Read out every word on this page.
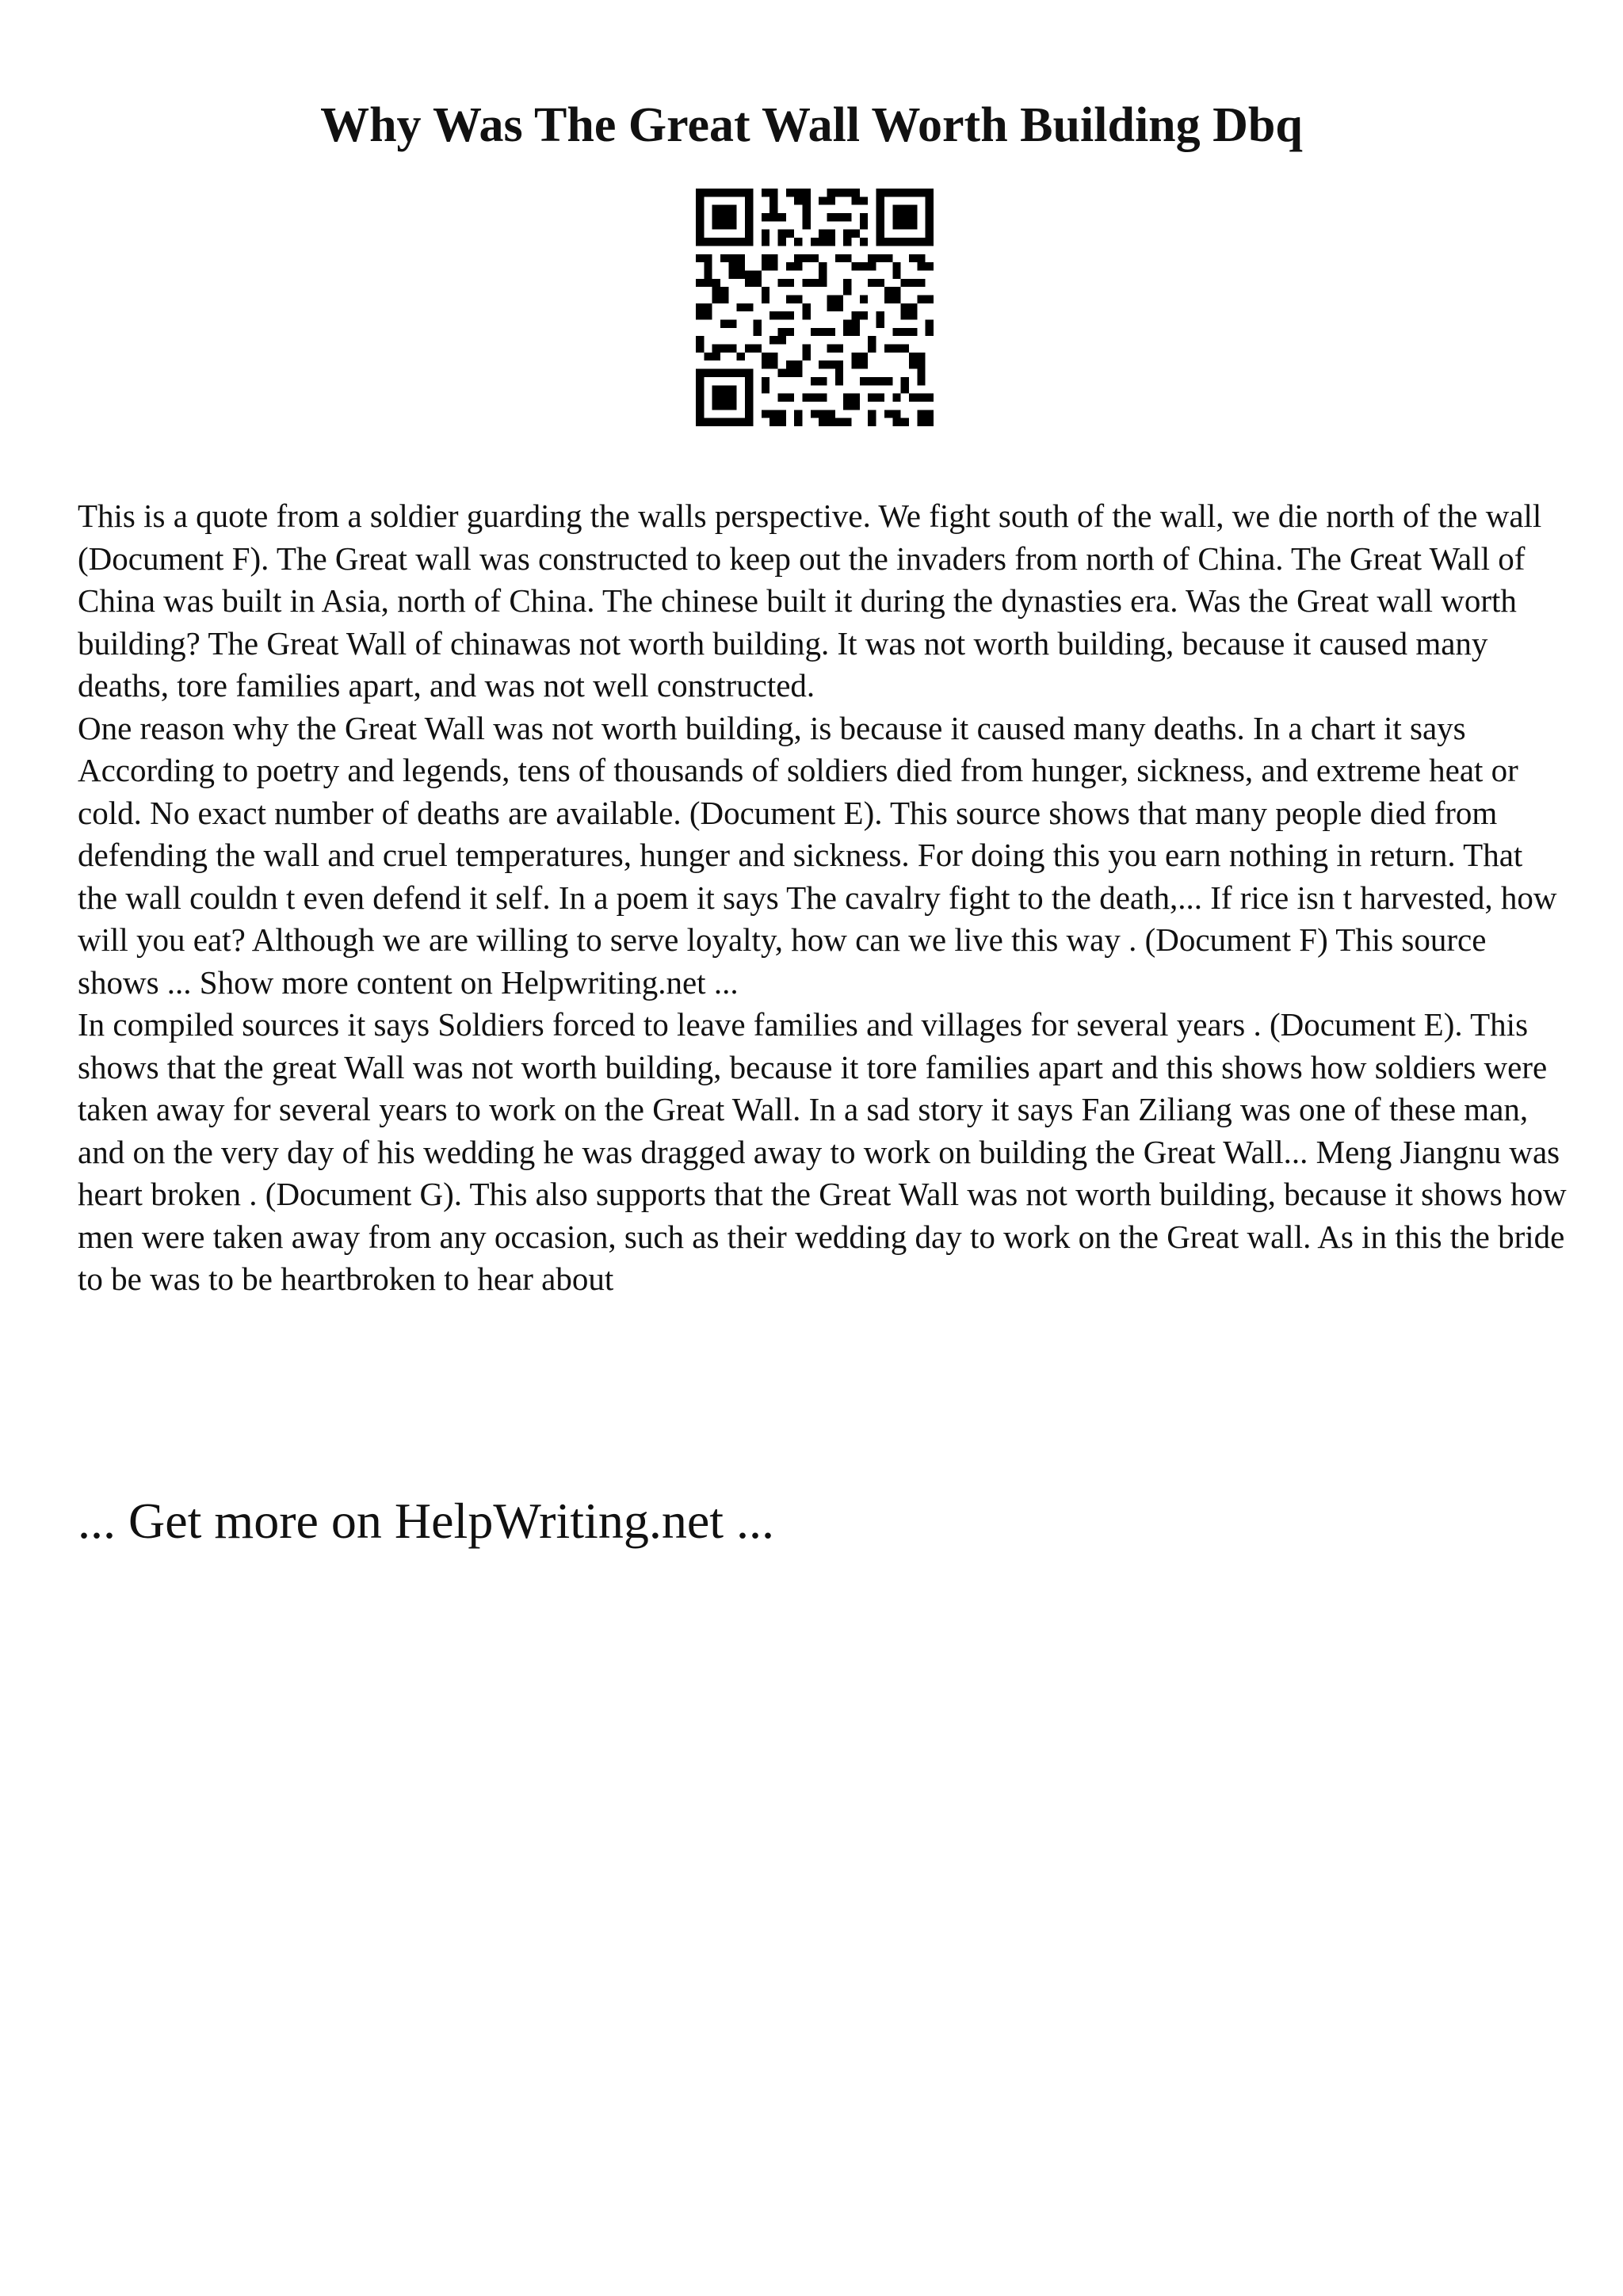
Why Was The Great Wall Worth Building Dbq

This is a quote from a soldier guarding the walls perspective. We fight south of the wall, we die north of the wall (Document F). The Great wall was constructed to keep out the invaders from north of China. The Great Wall of China was built in Asia, north of China. The chinese built it during the dynasties era. Was the Great wall worth building? The Great Wall of chinawas not worth building. It was not worth building, because it caused many deaths, tore families apart, and was not well constructed.

One reason why the Great Wall was not worth building, is because it caused many deaths. In a chart it says According to poetry and legends, tens of thousands of soldiers died from hunger, sickness, and extreme heat or cold. No exact number of deaths are available. (Document E). This source shows that many people died from defending the wall and cruel temperatures, hunger and sickness. For doing this you earn nothing in return. That the wall couldn t even defend it self. In a poem it says The cavalry fight to the death,... If rice isn t harvested, how will you eat? Although we are willing to serve loyalty, how can we live this way . (Document F) This source shows ... Show more content on Helpwriting.net ...

In compiled sources it says Soldiers forced to leave families and villages for several years . (Document E). This shows that the great Wall was not worth building, because it tore families apart and this shows how soldiers were taken away for several years to work on the Great Wall. In a sad story it says Fan Ziliang was one of these man, and on the very day of his wedding he was dragged away to work on building the Great Wall... Meng Jiangnu was heart broken . (Document G). This also supports that the Great Wall was not worth building, because it shows how men were taken away from any occasion, such as their wedding day to work on the Great wall. As in this the bride to be was to be heartbroken to hear about

... Get more on HelpWriting.net ...
